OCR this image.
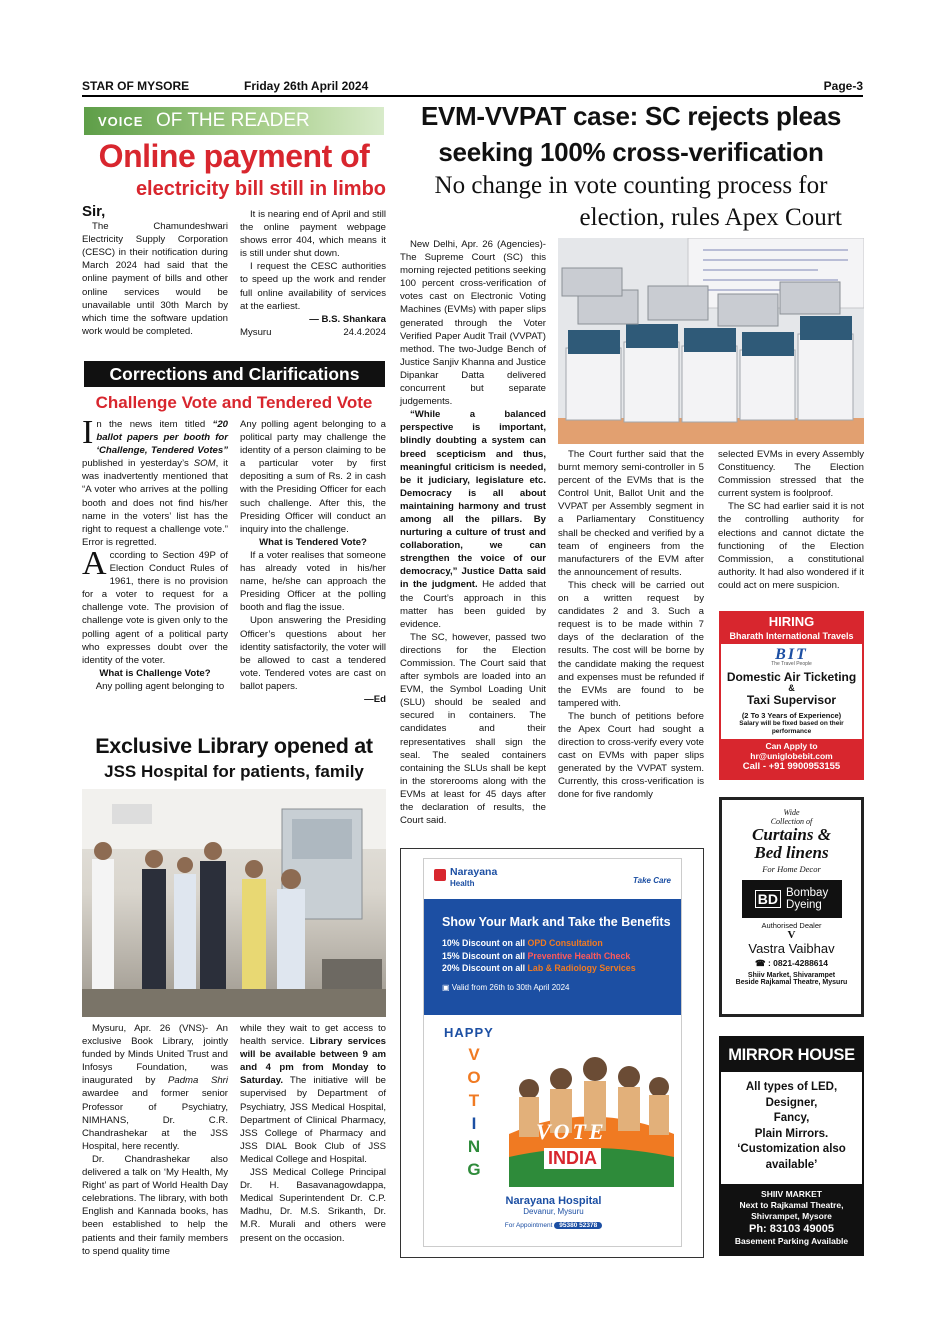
STAR OF MYSORE	Friday 26th April 2024	Page-3
VOICE OF THE READER
Online payment of
electricity bill still in limbo

Sir,

The Chamundeshwari Electricity Supply Corporation (CESC) in their notification during March 2024 had said that the online payment of bills and other online services would be unavailable until 30th March by which time the software updation work would be completed.

It is nearing end of April and still the online payment webpage shows error 404, which means it is still under shut down.

I request the CESC authorities to speed up the work and render full online availability of services at the earliest.

— B.S. Shankara

Mysuru	24.4.2024
Corrections and Clarifications
Challenge Vote and Tendered Vote

In the news item titled “20 ballot papers per booth for ‘Challenge, Tendered Votes” published in yesterday’s SOM, it was inadvertently mentioned that “A voter who arrives at the polling booth and does not find his/her name in the voters’ list has the right to request a challenge vote.” Error is regretted.

According to Section 49P of Election Conduct Rules of 1961, there is no provision for a voter to request for a challenge vote. The provision of challenge vote is given only to the polling agent of a political party who expresses doubt over the identity of the voter.

What is Challenge Vote?

Any polling agent belonging to

Any polling agent belonging to a political party may challenge the identity of a person claiming to be a particular voter by first depositing a sum of Rs. 2 in cash with the Presiding Officer for each such challenge. After this, the Presiding Officer will conduct an inquiry into the challenge.

What is Tendered Vote?

If a voter realises that someone has already voted in his/her name, he/she can approach the Presiding Officer at the polling booth and flag the issue.

Upon answering the Presiding Officer’s questions about her identity satisfactorily, the voter will be allowed to cast a tendered vote. Tendered votes are cast on ballot papers.

—Ed

Exclusive Library opened at
JSS Hospital for patients, family

Mysuru, Apr. 26 (VNS)- An exclusive Book Library, jointly funded by Minds United Trust and Infosys Foundation, was inaugurated by Padma Shri awardee and former senior Professor of Psychiatry, NIMHANS, Dr. C.R. Chandrashekar at the JSS Hospital, here recently.

Dr. Chandrashekar also delivered a talk on ‘My Health, My Right’ as part of World Health Day celebrations. The library, with both English and Kannada books, has been established to help the patients and their family members to spend quality time

while they wait to get access to health service. Library services will be available between 9 am and 4 pm from Monday to Saturday. The initiative will be supervised by Department of Psychiatry, JSS Medical Hospital, Department of Clinical Pharmacy, JSS College of Pharmacy and JSS DIAL Book Club of JSS Medical College and Hospital.

JSS Medical College Principal Dr. H. Basavanagowdappa, Medical Superintendent Dr. C.P. Madhu, Dr. M.S. Srikanth, Dr. M.R. Murali and others were present on the occasion.

EVM-VVPAT case: SC rejects pleas
seeking 100% cross-verification
No change in vote counting process for
election, rules Apex Court

New Delhi, Apr. 26 (Agencies)- The Supreme Court (SC) this morning rejected petitions seeking 100 percent cross-verification of votes cast on Electronic Voting Machines (EVMs) with paper slips generated through the Voter Verified Paper Audit Trail (VVPAT) method. The two-Judge Bench of Justice Sanjiv Khanna and Justice Dipankar Datta delivered concurrent but separate judgements.

“While a balanced perspective is important, blindly doubting a system can breed scepticism and thus, meaningful criticism is needed, be it judiciary, legislature etc. Democracy is all about maintaining harmony and trust among all the pillars. By nurturing a culture of trust and collaboration, we can strengthen the voice of our democracy,” Justice Datta said in the judgment. He added that the Court’s approach in this matter has been guided by evidence.

The SC, however, passed two directions for the Election Commission. The Court said that after symbols are loaded into an EVM, the Symbol Loading Unit (SLU) should be sealed and secured in containers. The candidates and their representatives shall sign the seal. The sealed containers containing the SLUs shall be kept in the storerooms along with the EVMs at least for 45 days after the declaration of results, the Court said.

The Court further said that the burnt memory semi-controller in 5 percent of the EVMs that is the Control Unit, Ballot Unit and the VVPAT per Assembly segment in a Parliamentary Constituency shall be checked and verified by a team of engineers from the manufacturers of the EVM after the announcement of results.

This check will be carried out on a written request by candidates 2 and 3. Such a request is to be made within 7 days of the declaration of the results. The cost will be borne by the candidate making the request and expenses must be refunded if the EVMs are found to be tampered with.

The bunch of petitions before the Apex Court had sought a direction to cross-verify every vote cast on EVMs with paper slips generated by the VVPAT system. Currently, this cross-verification is done for five randomly

selected EVMs in every Assembly Constituency. The Election Commission stressed that the current system is foolproof.

The SC had earlier said it is not the controlling authority for elections and cannot dictate the functioning of the Election Commission, a constitutional authority. It had also wondered if it could act on mere suspicion.

HIRING
Bharath International Travels
BIT
The Travel People
Domestic Air Ticketing
&
Taxi Supervisor
(2 To 3 Years of Experience)
Salary will be fixed based on their performance
Can Apply to
hr@uniglobebit.com
Call - +91 9900953155
Narayana
Health	Take Care
Show Your Mark and Take the Benefits
10% Discount on all OPD Consultation
15% Discount on all Preventive Health Check
20% Discount on all Lab & Radiology Services
▣ Valid from 26th to 30th April 2024
HAPPY
V
O
T
I
N
G
VOTE
INDIA
Narayana Hospital
Devanur, Mysuru
For Appointment 95380 52378
Wide
Collection of
Curtains &
Bed linens
For Home Decor
BD Bombay
Dyeing
Authorised Dealer
V
Vastra Vaibhav
☎ : 0821-4288614
Shiiv Market, Shivarampet
Beside Rajkamal Theatre, Mysuru
MIRROR HOUSE
All types of LED,
Designer,
Fancy,
Plain Mirrors.
‘Customization also
available’
SHIIV MARKET
Next to Rajkamal Theatre,
Shivrampet, Mysore
Ph: 83103 49005
Basement Parking Available
